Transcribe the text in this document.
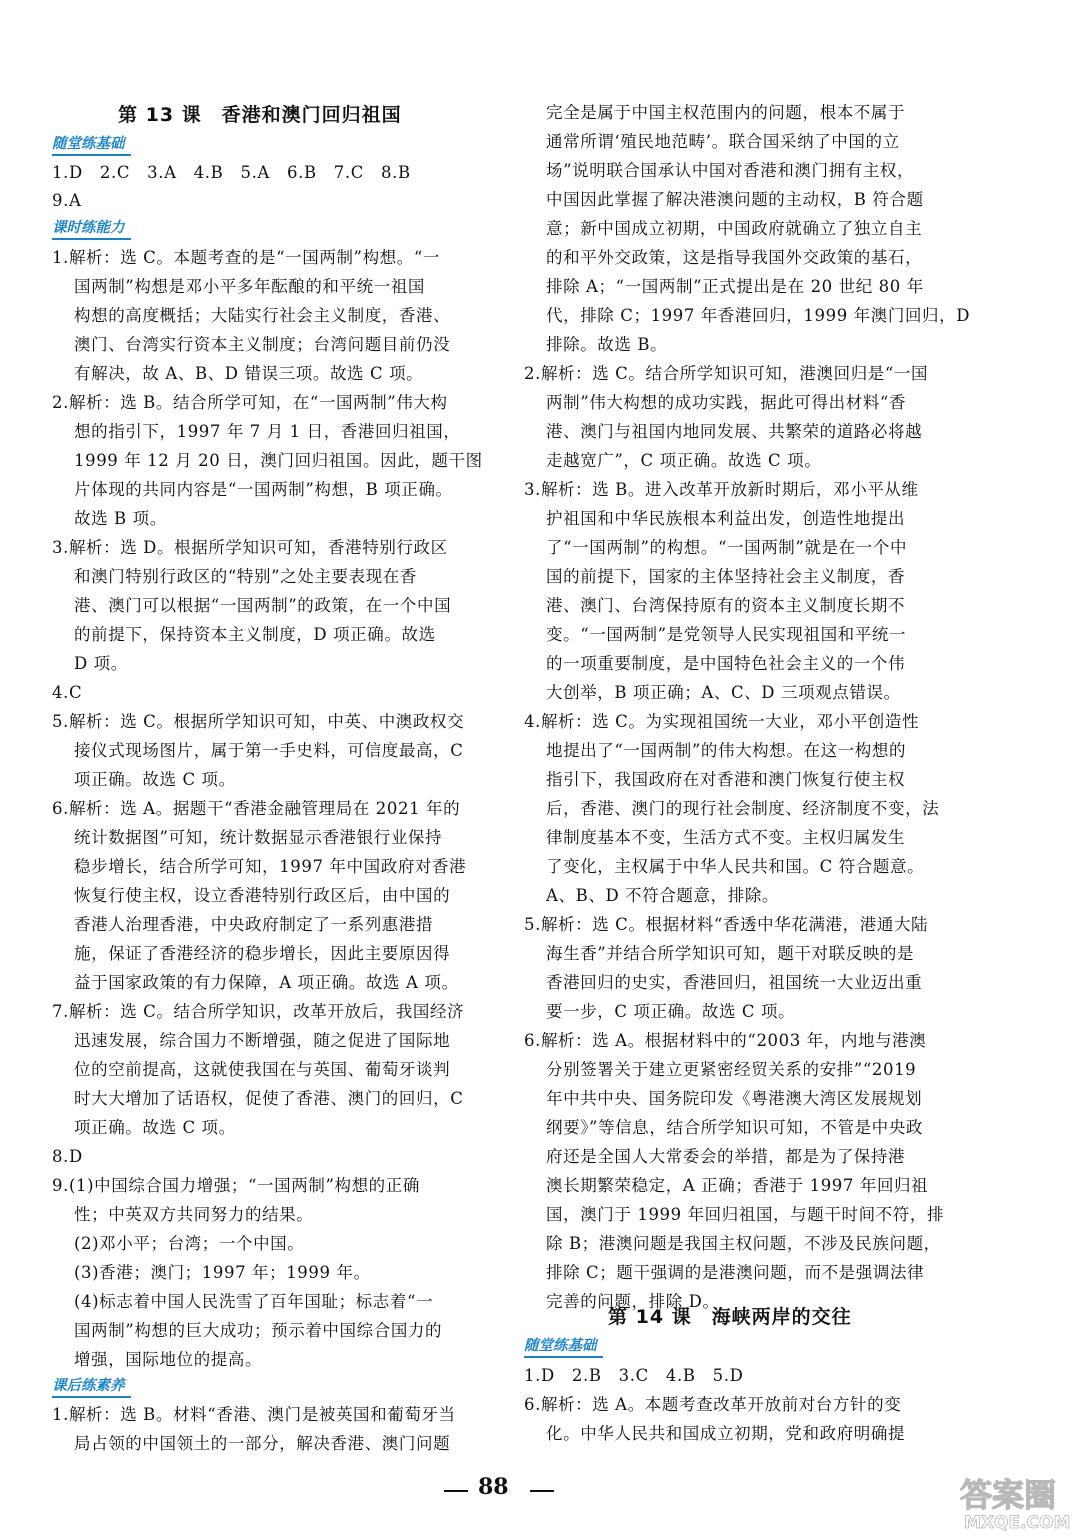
第 13 课　香港和澳门回归祖国
随堂练基础
1.D　2.C　3.A　4.B　5.A　6.B　7.C　8.B
9.A
课时练能力
1.解析：选 C。本题考查的是“一国两制”构想。“一
国两制”构想是邓小平多年酝酿的和平统一祖国
构想的高度概括；大陆实行社会主义制度，香港、
澳门、台湾实行资本主义制度；台湾问题目前仍没
有解决，故 A、B、D 错误三项。故选 C 项。
2.解析：选 B。结合所学可知，在“一国两制”伟大构
想的指引下，1997 年 7 月 1 日，香港回归祖国，
1999 年 12 月 20 日，澳门回归祖国。因此，题干图
片体现的共同内容是“一国两制”构想，B 项正确。
故选 B 项。
3.解析：选 D。根据所学知识可知，香港特别行政区
和澳门特别行政区的“特别”之处主要表现在香
港、澳门可以根据“一国两制”的政策，在一个中国
的前提下，保持资本主义制度，D 项正确。故选
D 项。
4.C
5.解析：选 C。根据所学知识可知，中英、中澳政权交
接仪式现场图片，属于第一手史料，可信度最高，C
项正确。故选 C 项。
6.解析：选 A。据题干“香港金融管理局在 2021 年的
统计数据图”可知，统计数据显示香港银行业保持
稳步增长，结合所学可知，1997 年中国政府对香港
恢复行使主权，设立香港特别行政区后，由中国的
香港人治理香港，中央政府制定了一系列惠港措
施，保证了香港经济的稳步增长，因此主要原因得
益于国家政策的有力保障，A 项正确。故选 A 项。
7.解析：选 C。结合所学知识，改革开放后，我国经济
迅速发展，综合国力不断增强，随之促进了国际地
位的空前提高，这就使我国在与英国、葡萄牙谈判
时大大增加了话语权，促使了香港、澳门的回归，C
项正确。故选 C 项。
8.D
9.(1)中国综合国力增强；“一国两制”构想的正确
性；中英双方共同努力的结果。
(2)邓小平；台湾；一个中国。
(3)香港；澳门；1997 年；1999 年。
(4)标志着中国人民洗雪了百年国耻；标志着“一
国两制”构想的巨大成功；预示着中国综合国力的
增强，国际地位的提高。
课后练素养
1.解析：选 B。材料“香港、澳门是被英国和葡萄牙当
局占领的中国领土的一部分，解决香港、澳门问题
完全是属于中国主权范围内的问题，根本不属于
通常所谓‘殖民地范畴’。联合国采纳了中国的立
场”说明联合国承认中国对香港和澳门拥有主权，
中国因此掌握了解决港澳问题的主动权，B 符合题
意；新中国成立初期，中国政府就确立了独立自主
的和平外交政策，这是指导我国外交政策的基石，
排除 A；“一国两制”正式提出是在 20 世纪 80 年
代，排除 C；1997 年香港回归，1999 年澳门回归，D
排除。故选 B。
2.解析：选 C。结合所学知识可知，港澳回归是“一国
两制”伟大构想的成功实践，据此可得出材料“香
港、澳门与祖国内地同发展、共繁荣的道路必将越
走越宽广”，C 项正确。故选 C 项。
3.解析：选 B。进入改革开放新时期后，邓小平从维
护祖国和中华民族根本利益出发，创造性地提出
了“一国两制”的构想。“一国两制”就是在一个中
国的前提下，国家的主体坚持社会主义制度，香
港、澳门、台湾保持原有的资本主义制度长期不
变。“一国两制”是党领导人民实现祖国和平统一
的一项重要制度，是中国特色社会主义的一个伟
大创举，B 项正确；A、C、D 三项观点错误。
4.解析：选 C。为实现祖国统一大业，邓小平创造性
地提出了“一国两制”的伟大构想。在这一构想的
指引下，我国政府在对香港和澳门恢复行使主权
后，香港、澳门的现行社会制度、经济制度不变，法
律制度基本不变，生活方式不变。主权归属发生
了变化，主权属于中华人民共和国。C 符合题意。
A、B、D 不符合题意，排除。
5.解析：选 C。根据材料“香透中华花满港，港通大陆
海生香”并结合所学知识可知，题干对联反映的是
香港回归的史实，香港回归，祖国统一大业迈出重
要一步，C 项正确。故选 C 项。
6.解析：选 A。根据材料中的“2003 年，内地与港澳
分别签署关于建立更紧密经贸关系的安排”“2019
年中共中央、国务院印发《粤港澳大湾区发展规划
纲要》”等信息，结合所学知识可知，不管是中央政
府还是全国人大常委会的举措，都是为了保持港
澳长期繁荣稳定，A 正确；香港于 1997 年回归祖
国，澳门于 1999 年回归祖国，与题干时间不符，排
除 B；港澳问题是我国主权问题，不涉及民族问题，
排除 C；题干强调的是港澳问题，而不是强调法律
完善的问题，排除 D。
第 14 课　海峡两岸的交往
随堂练基础
1.D　2.B　3.C　4.B　5.D
6.解析：选 A。本题考查改革开放前对台方针的变
化。中华人民共和国成立初期，党和政府明确提
88	答案圈
MXQE.COM
